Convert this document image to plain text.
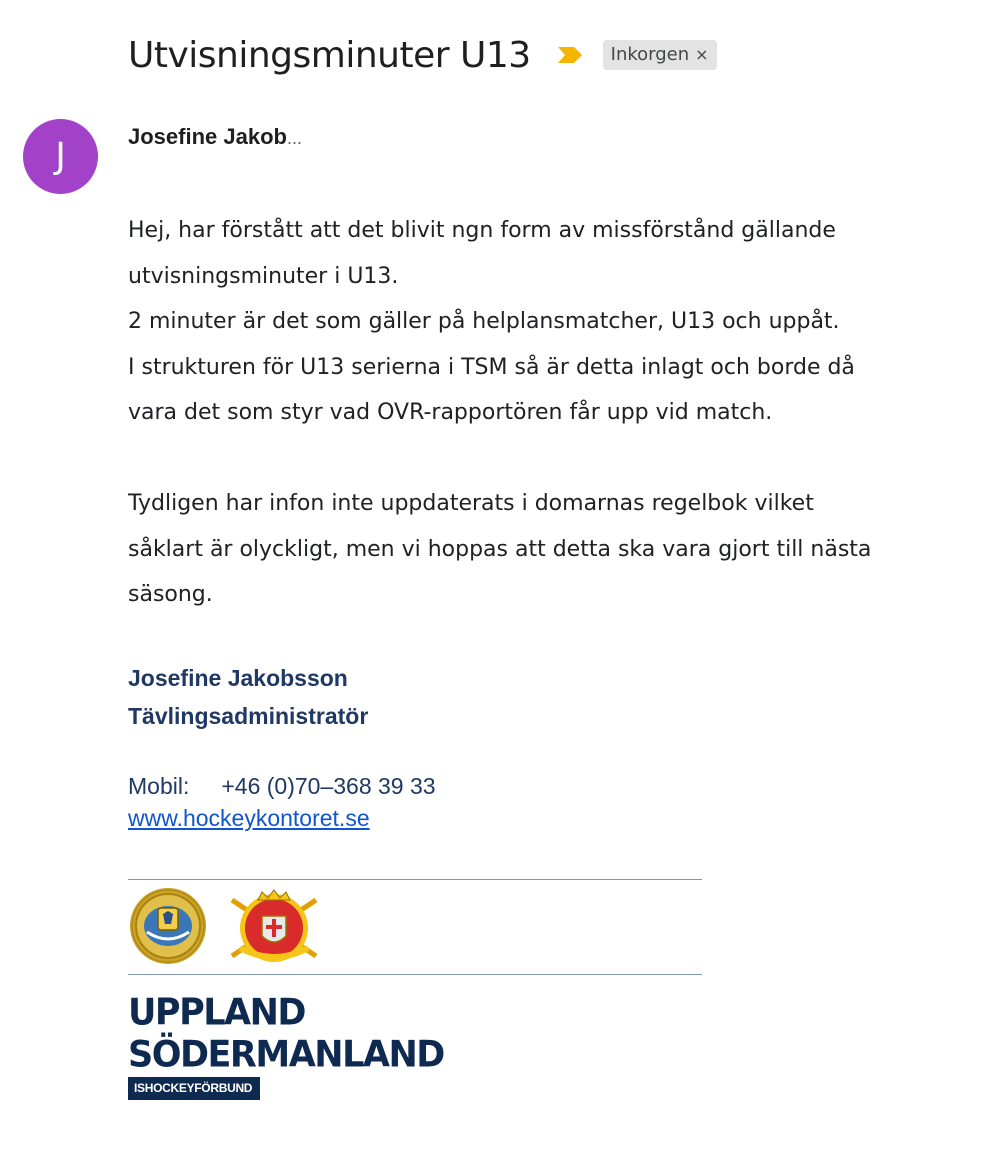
Utvisningsminuter U13	Inkorgen ×
J	Josefine Jakob...

Hej, har förstått att det blivit ngn form av missförstånd gällande

utvisningsminuter i U13.

2 minuter är det som gäller på helplansmatcher, U13 och uppåt.

I strukturen för U13 serierna i TSM så är detta inlagt och borde då

vara det som styr vad OVR-rapportören får upp vid match.

Tydligen har infon inte uppdaterats i domarnas regelbok vilket

såklart är olyckligt, men vi hoppas att detta ska vara gjort till nästa

säsong.

Josefine Jakobsson
Tävlingsadministratör
Mobil: +46 (0)70–368 39 33
www.hockeykontoret.se
UPPLAND
SÖDERMANLAND
ISHOCKEYFÖRBUND
